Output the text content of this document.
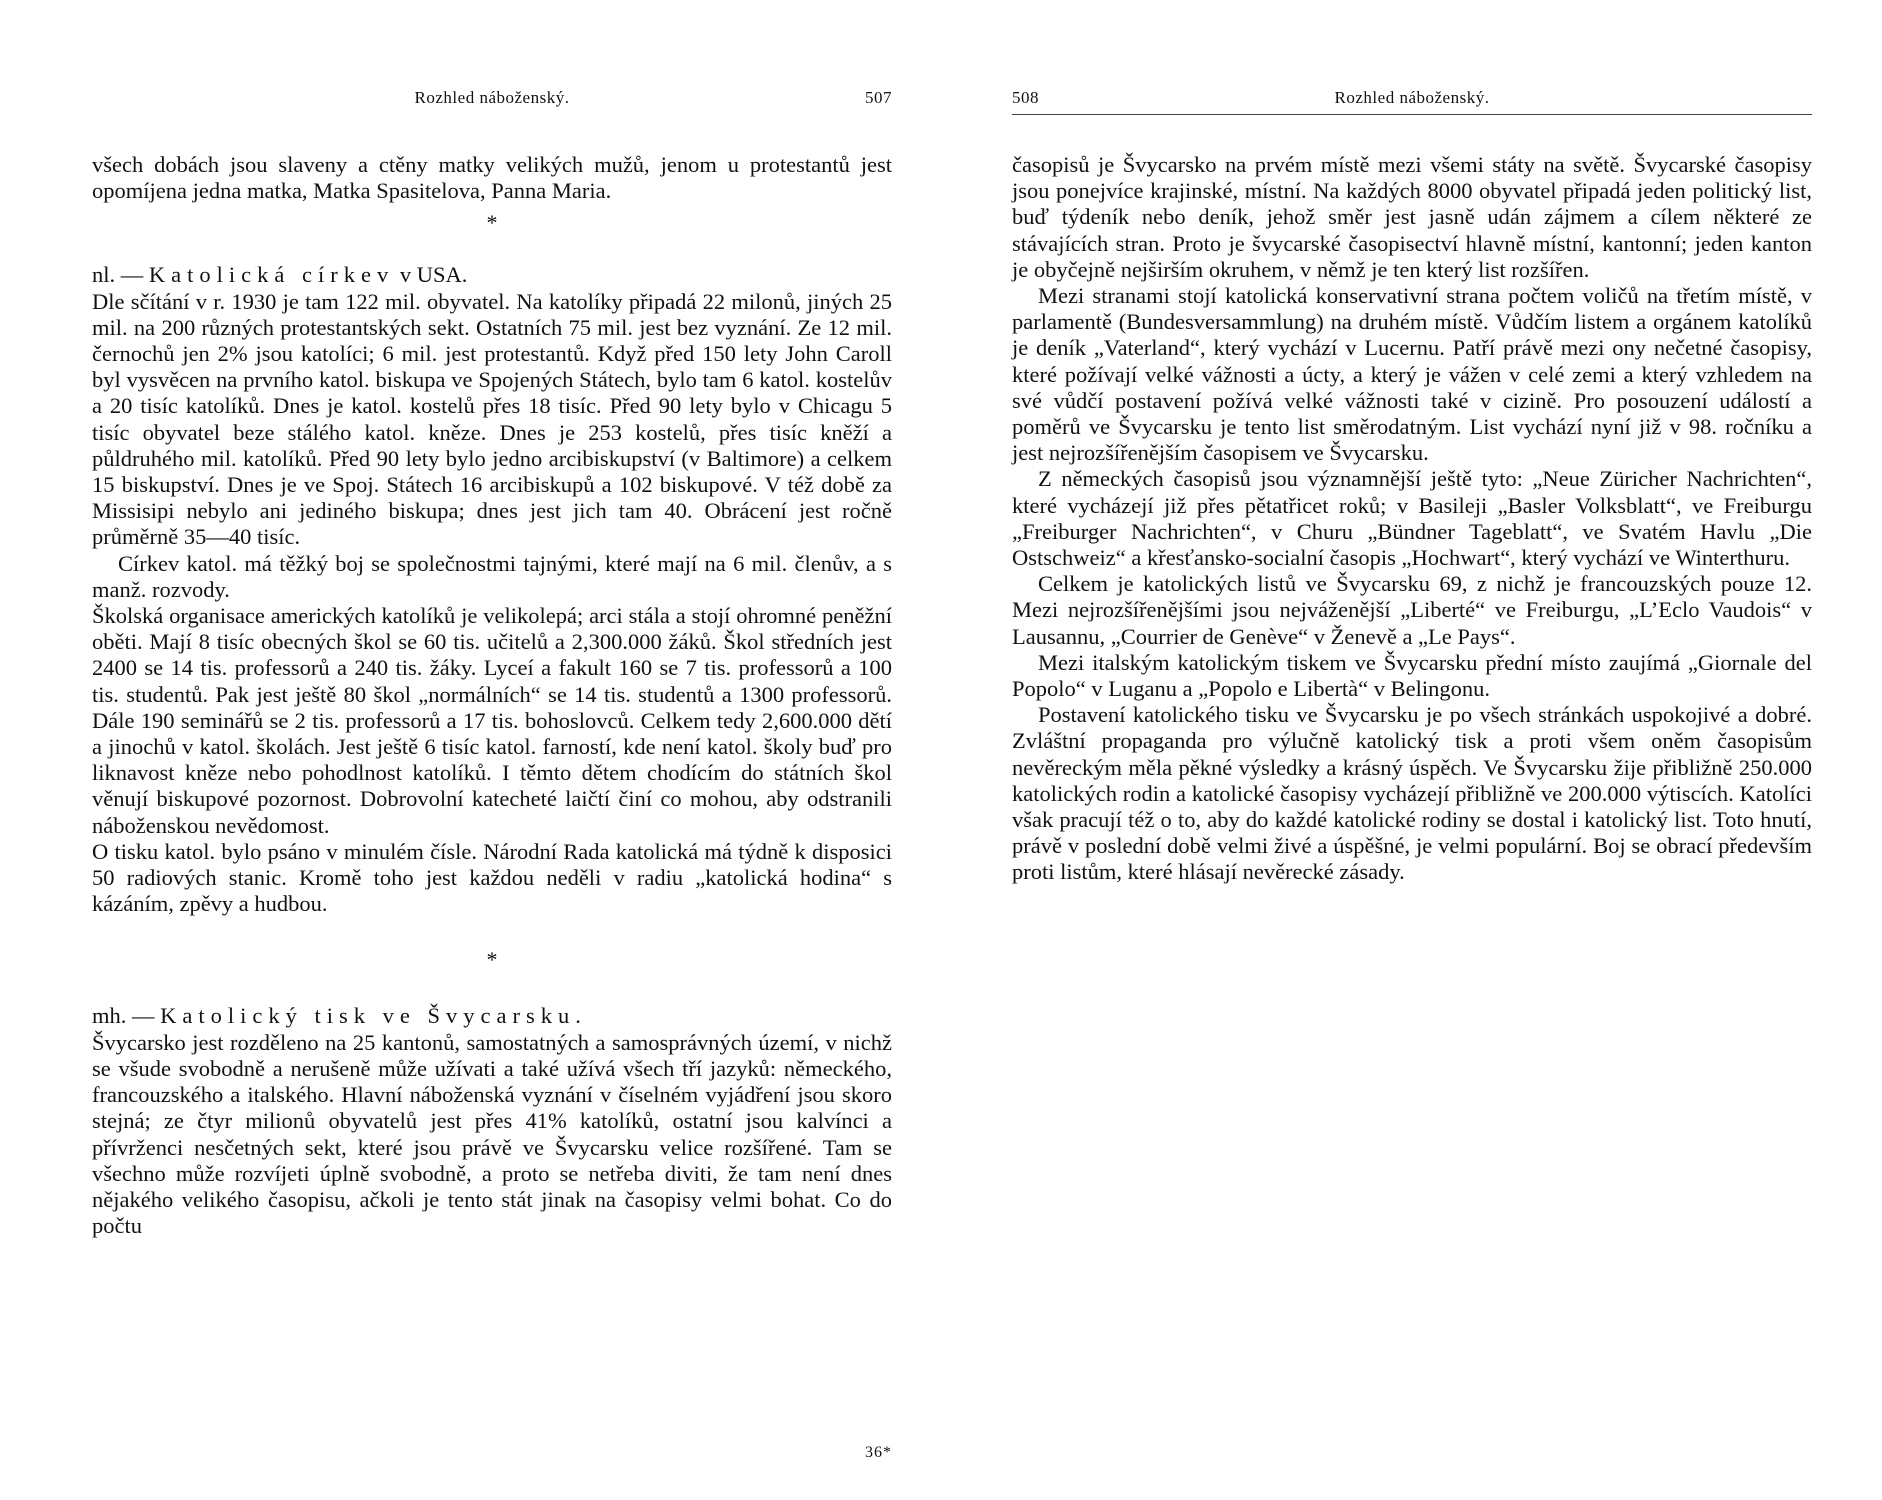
Rozhled náboženský.	507

všech dobách jsou slaveny a ctěny matky velikých mužů, jenom u protestantů jest opomíjena jedna matka, Matka Spasitelova, Panna Maria.

*

nl. — Katolická církev v USA.

Dle sčítání v r. 1930 je tam 122 mil. obyvatel. Na katolíky připadá 22 milonů, jiných 25 mil. na 200 různých protestantských sekt. Ostatních 75 mil. jest bez vyznání. Ze 12 mil. černochů jen 2% jsou katolíci; 6 mil. jest protestantů. Když před 150 lety John Caroll byl vysvěcen na prvního katol. biskupa ve Spojených Státech, bylo tam 6 katol. kostelův a 20 tisíc katolíků. Dnes je katol. kostelů přes 18 tisíc. Před 90 lety bylo v Chicagu 5 tisíc obyvatel beze stálého katol. kněze. Dnes je 253 kostelů, přes tisíc kněží a půldruhého mil. katolíků. Před 90 lety bylo jedno arcibiskupství (v Baltimore) a celkem 15 biskupství. Dnes je ve Spoj. Státech 16 arcibiskupů a 102 biskupové. V též době za Missisipi nebylo ani jediného biskupa; dnes jest jich tam 40. Obrácení jest ročně průměrně 35—40 tisíc.

Církev katol. má těžký boj se společnostmi tajnými, které mají na 6 mil. členův, a s manž. rozvody.

Školská organisace amerických katolíků je velikolepá; arci stála a stojí ohromné peněžní oběti. Mají 8 tisíc obecných škol se 60 tis. učitelů a 2,300.000 žáků. Škol středních jest 2400 se 14 tis. professorů a 240 tis. žáky. Lyceí a fakult 160 se 7 tis. professorů a 100 tis. studentů. Pak jest ještě 80 škol „normálních“ se 14 tis. studentů a 1300 professorů. Dále 190 seminářů se 2 tis. professorů a 17 tis. bohoslovců. Celkem tedy 2,600.000 dětí a jinochů v katol. školách. Jest ještě 6 tisíc katol. farností, kde není katol. školy buď pro liknavost kněze nebo pohodlnost katolíků. I těmto dětem chodícím do státních škol věnují biskupové pozornost. Dobrovolní katecheté laičtí činí co mohou, aby odstranili náboženskou nevědomost.

O tisku katol. bylo psáno v minulém čísle. Národní Rada katolická má týdně k disposici 50 radiových stanic. Kromě toho jest každou neděli v radiu „katolická hodina“ s kázáním, zpěvy a hudbou.

*

mh. — Katolický tisk ve Švycarsku.

Švycarsko jest rozděleno na 25 kantonů, samostatných a samosprávných území, v nichž se všude svobodně a nerušeně může užívati a také užívá všech tří jazyků: německého, francouzského a italského. Hlavní náboženská vyznání v číselném vyjádření jsou skoro stejná; ze čtyr milionů obyvatelů jest přes 41% katolíků, ostatní jsou kalvínci a přívrženci nesčetných sekt, které jsou právě ve Švycarsku velice rozšířené. Tam se všechno může rozvíjeti úplně svobodně, a proto se netřeba diviti, že tam není dnes nějakého velikého časopisu, ačkoli je tento stát jinak na časopisy velmi bohat. Co do počtu

36*
508	Rozhled náboženský.

časopisů je Švycarsko na prvém místě mezi všemi státy na světě. Švycarské časopisy jsou ponejvíce krajinské, místní. Na každých 8000 obyvatel připadá jeden politický list, buď týdeník nebo deník, jehož směr jest jasně udán zájmem a cílem některé ze stávajících stran. Proto je švycarské časopisectví hlavně místní, kantonní; jeden kanton je obyčejně nejširším okruhem, v němž je ten který list rozšířen.

Mezi stranami stojí katolická konservativní strana počtem voličů na třetím místě, v parlamentě (Bundesversammlung) na druhém místě. Vůdčím listem a orgánem katolíků je deník „Vaterland“, který vychází v Lucernu. Patří právě mezi ony nečetné časopisy, které požívají velké vážnosti a úcty, a který je vážen v celé zemi a který vzhledem na své vůdčí postavení požívá velké vážnosti také v cizině. Pro posouzení událostí a poměrů ve Švycarsku je tento list směrodatným. List vychází nyní již v 98. ročníku a jest nejrozšířenějším časopisem ve Švycarsku.

Z německých časopisů jsou významnější ještě tyto: „Neue Züricher Nachrichten“, které vycházejí již přes pětatřicet roků; v Basileji „Basler Volksblatt“, ve Freiburgu „Freiburger Nachrichten“, v Churu „Bündner Tageblatt“, ve Svatém Havlu „Die Ostschweiz“ a křesťansko-socialní časopis „Hochwart“, který vychází ve Winterthuru.

Celkem je katolických listů ve Švycarsku 69, z nichž je francouzských pouze 12. Mezi nejrozšířenějšími jsou nejváženější „Liberté“ ve Freiburgu, „L’Eclo Vaudois“ v Lausannu, „Courrier de Genève“ v Ženevě a „Le Pays“.

Mezi italským katolickým tiskem ve Švycarsku přední místo zaujímá „Giornale del Popolo“ v Luganu a „Popolo e Libertà“ v Belingonu.

Postavení katolického tisku ve Švycarsku je po všech stránkách uspokojivé a dobré. Zvláštní propaganda pro výlučně katolický tisk a proti všem oněm časopisům nevěreckým měla pěkné výsledky a krásný úspěch. Ve Švycarsku žije přibližně 250.000 katolických rodin a katolické časopisy vycházejí přibližně ve 200.000 výtiscích. Katolíci však pracují též o to, aby do každé katolické rodiny se dostal i katolický list. Toto hnutí, právě v poslední době velmi živé a úspěšné, je velmi populární. Boj se obrací především proti listům, které hlásají nevěrecké zásady.
